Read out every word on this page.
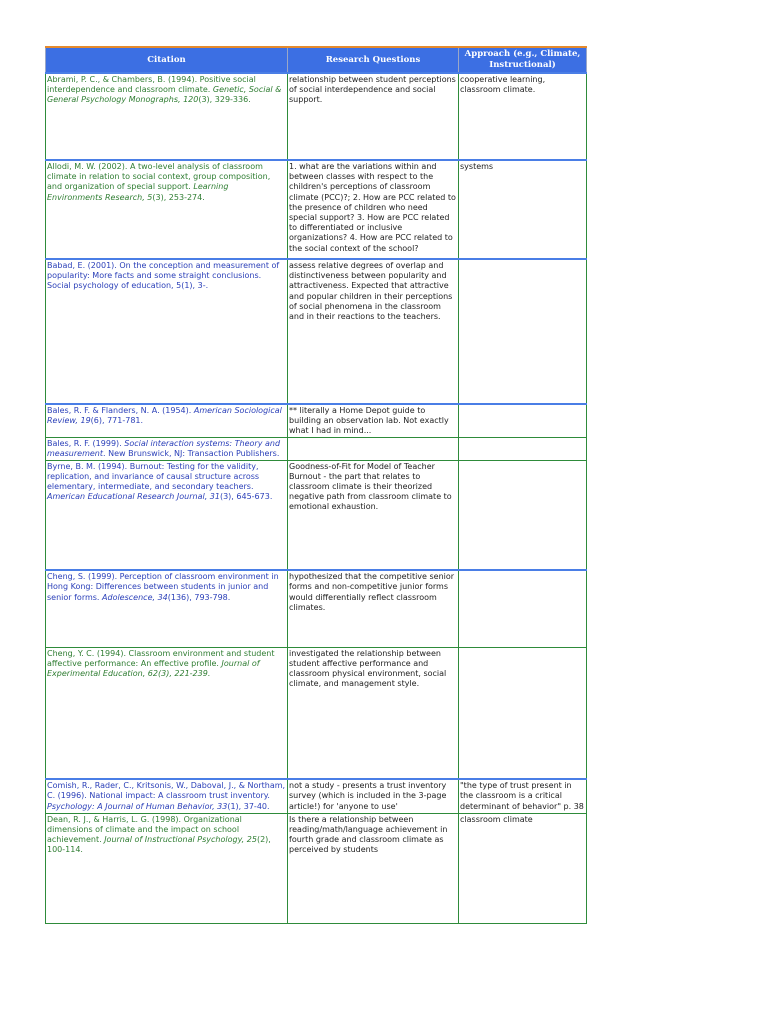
Citation	Research Questions	Approach (e.g., Climate, Instructional)
Abrami, P. C., & Chambers, B. (1994). Positive social interdependence and classroom climate. Genetic, Social & General Psychology Monographs, 120(3), 329-336.	relationship between student perceptions of social interdependence and social support.	cooperative learning, classroom climate.
Allodi, M. W. (2002). A two-level analysis of classroom climate in relation to social context, group composition, and organization of special support. Learning Environments Research, 5(3), 253-274.	1. what are the variations within and between classes with respect to the children's perceptions of classroom climate (PCC)?; 2. How are PCC related to the presence of children who need special support? 3. How are PCC related to differentiated or inclusive organizations? 4. How are PCC related to the social context of the school?	systems
Babad, E. (2001). On the conception and measurement of popularity: More facts and some straight conclusions. Social psychology of education, 5(1), 3-.	assess relative degrees of overlap and distinctiveness between popularity and attractiveness. Expected that attractive and popular children in their perceptions of social phenomena in the classroom and in their reactions to the teachers.	
Bales, R. F. & Flanders, N. A. (1954). American Sociological Review, 19(6), 771-781.	** literally a Home Depot guide to building an observation lab. Not exactly what I had in mind...	
Bales, R. F. (1999). Social interaction systems: Theory and measurement. New Brunswick, NJ: Transaction Publishers.		
Byrne, B. M. (1994). Burnout: Testing for the validity, replication, and invariance of causal structure across elementary, intermediate, and secondary teachers. American Educational Research Journal, 31(3), 645-673.	Goodness-of-Fit for Model of Teacher Burnout - the part that relates to classroom climate is their theorized negative path from classroom climate to emotional exhaustion.	
Cheng, S. (1999). Perception of classroom environment in Hong Kong: Differences between students in junior and senior forms. Adolescence, 34(136), 793-798.	hypothesized that the competitive senior forms and non-competitive junior forms would differentially reflect classroom climates.	
Cheng, Y. C. (1994). Classroom environment and student affective performance: An effective profile. Journal of Experimental Education, 62(3), 221-239.	investigated the relationship between student affective performance and classroom physical environment, social climate, and management style.	
Comish, R., Rader, C., Kritsonis, W., Daboval, J., & Northam, C. (1996). National impact: A classroom trust inventory. Psychology: A Journal of Human Behavior, 33(1), 37-40.	not a study - presents a trust inventory survey (which is included in the 3-page article!) for 'anyone to use'	"the type of trust present in the classroom is a critical determinant of behavior" p. 38
Dean, R. J., & Harris, L. G. (1998). Organizational dimensions of climate and the impact on school achievement. Journal of Instructional Psychology, 25(2), 100-114.	Is there a relationship between reading/math/language achievement in fourth grade and classroom climate as perceived by students	classroom climate
